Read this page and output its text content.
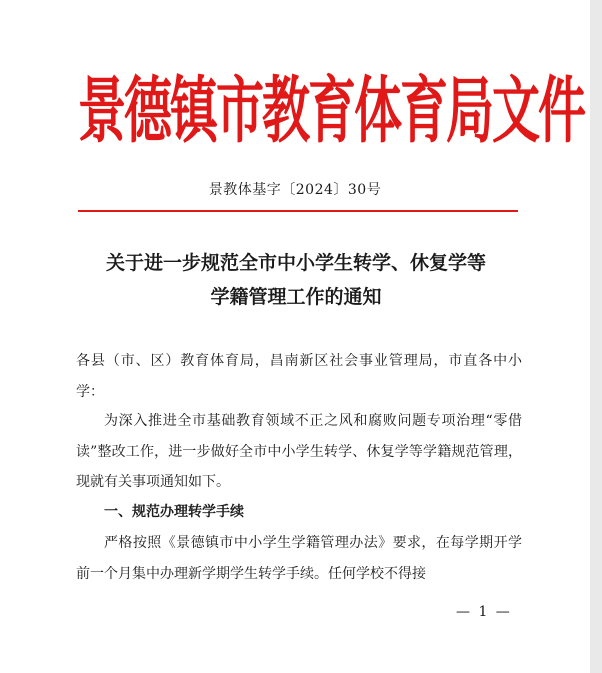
景德镇市教育体育局文件
景教体基字〔2024〕30号
关于进一步规范全市中小学生转学、休复学等
学籍管理工作的通知
各县（市、区）教育体育局，昌南新区社会事业管理局，市直各中小学：
为深入推进全市基础教育领域不正之风和腐败问题专项治理“零借读”整改工作，进一步做好全市中小学生转学、休复学等学籍规范管理，现就有关事项通知如下。
一、规范办理转学手续
严格按照《景德镇市中小学生学籍管理办法》要求，在每学期开学前一个月集中办理新学期学生转学手续。任何学校不得接
— 1 —
